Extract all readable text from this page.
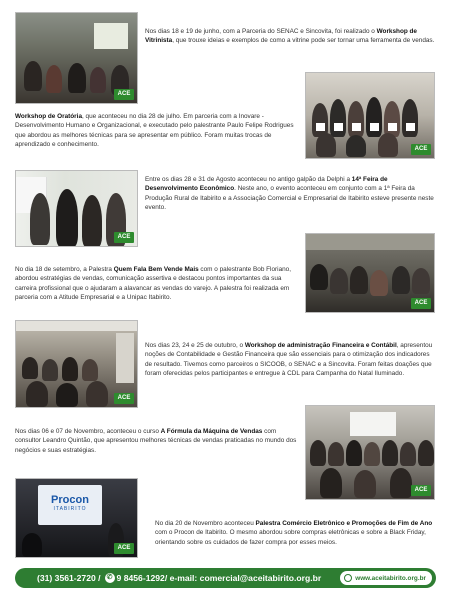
ACE
Nos dias 18 e 19 de junho, com a Parceria do SENAC e Sincovita, foi realizado o Workshop de Vitrinista, que trouxe ideias e exemplos de como a vitrine pode ser tornar uma ferramenta de vendas.
ACE
Workshop de Oratória, que aconteceu no dia 28 de julho. Em parceria com a Inovare - Desenvolvimento Humano e Organizacional, e executado pelo palestrante Paulo Felipe Rodrigues que abordou as melhores técnicas para se apresentar em público. Foram muitas trocas de aprendizado e conhecimento.
ACE
Entre os dias 28 e 31 de Agosto aconteceu no antigo galpão da Delphi a 14ª Feira de Desenvolvimento Econômico. Neste ano, o evento aconteceu em conjunto com a 1ª Feira da Produção Rural de Itabirito e a Associação Comercial e Empresarial de Itabirito esteve presente neste evento.
ACE
No dia 18 de setembro, a Palestra Quem Fala Bem Vende Mais com o palestrante Bob Floriano, abordou estratégias de vendas, comunicação assertiva e destacou pontos importantes da sua carreira profissional que o ajudaram a alavancar as vendas do varejo. A palestra foi realizada em parceria com a Atitude Empresarial e a Unipac Itabirito.
ACE
Nos dias 23, 24 e 25 de outubro, o Workshop de administração Financeira e Contábil, apresentou noções de Contabilidade e Gestão Financeira que são essenciais para o otimização dos indicadores de resultado. Tivemos como parceiros o SICOOB, o SENAC e a Sincovita. Foram feitas doações que foram oferecidas pelos participantes e entregue à CDL para Campanha do Natal Iluminado.
ACE
Nos dias 06 e 07 de Novembro, aconteceu o curso A Fórmula da Máquina de Vendas com consultor Leandro Quintão, que apresentou melhores técnicas de vendas praticadas no mundo dos negócios e suas estratégias.
Procon
ITABIRITO
ACE
No dia 20 de Novembro aconteceu Palestra Comércio Eletrônico e Promoções de Fim de Ano com o Procon de Itabirito. O mesmo abordou sobre compras eletrônicas e sobre a Black Friday, orientando sobre os cuidados de fazer compra por esses meios.
(31) 3561-2720 / ✆ 9 8456-1292 / e-mail: comercial@aceitabirito.org.br	www.aceitabirito.org.br
